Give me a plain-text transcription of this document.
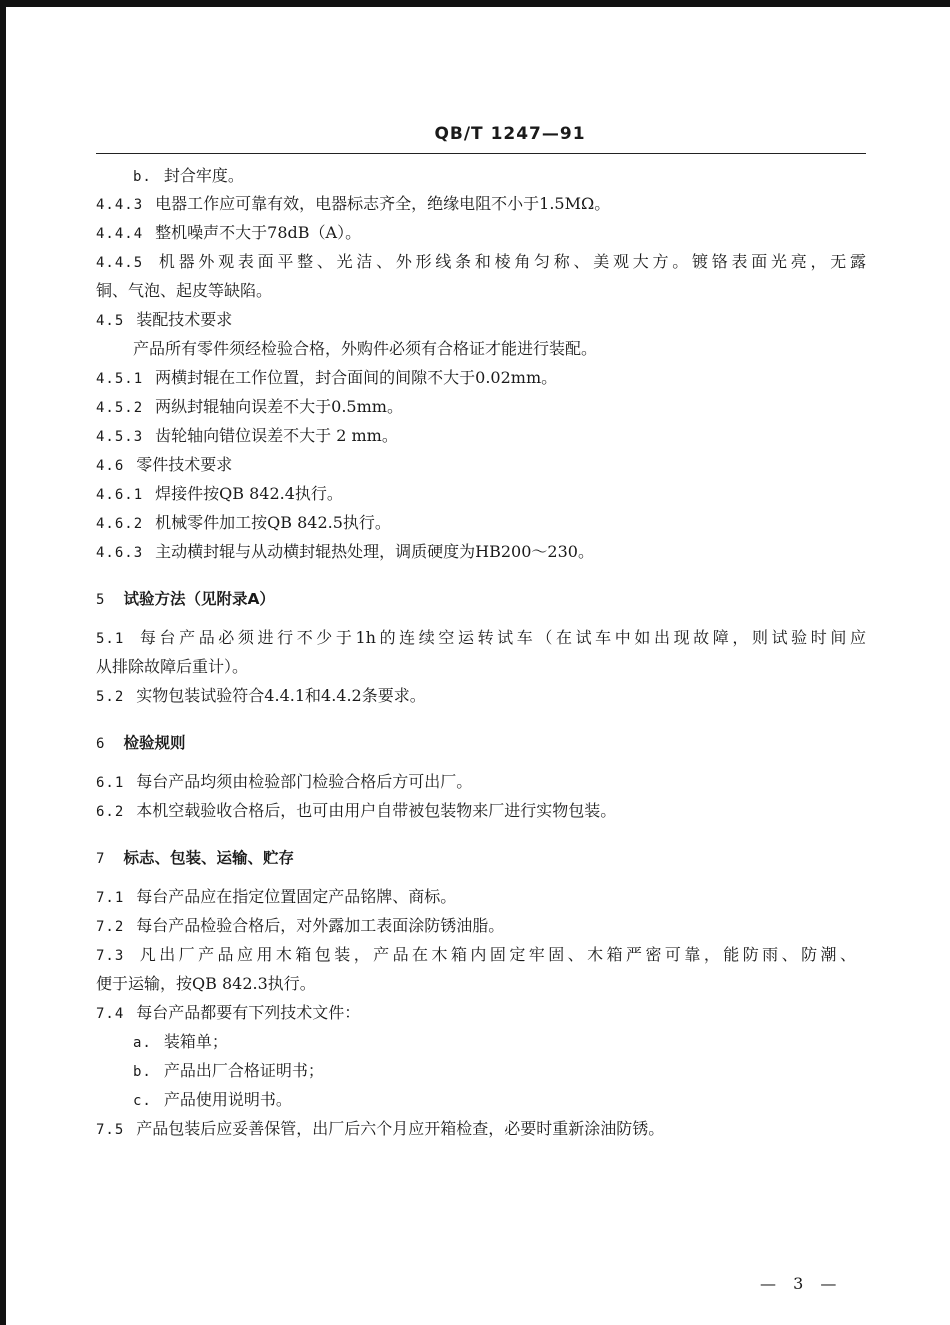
QB/T 1247—91
b. 封合牢度。
4.4.3 电器工作应可靠有效，电器标志齐全，绝缘电阻不小于1.5MΩ。
4.4.4 整机噪声不大于78dB（A）。
4.4.5 机器外观表面平整、光洁、外形线条和棱角匀称、美观大方。镀铬表面光亮，无露
铜、气泡、起皮等缺陷。
4.5 装配技术要求
产品所有零件须经检验合格，外购件必须有合格证才能进行装配。
4.5.1 两横封辊在工作位置，封合面间的间隙不大于0.02mm。
4.5.2 两纵封辊轴向误差不大于0.5mm。
4.5.3 齿轮轴向错位误差不大于 2 mm。
4.6 零件技术要求
4.6.1 焊接件按QB 842.4执行。
4.6.2 机械零件加工按QB 842.5执行。
4.6.3 主动横封辊与从动横封辊热处理，调质硬度为HB200～230。
5 试验方法（见附录A）
5.1 每台产品必须进行不少于1h的连续空运转试车（在试车中如出现故障，则试验时间应
从排除故障后重计）。
5.2 实物包装试验符合4.4.1和4.4.2条要求。
6 检验规则
6.1 每台产品均须由检验部门检验合格后方可出厂。
6.2 本机空载验收合格后，也可由用户自带被包装物来厂进行实物包装。
7 标志、包装、运输、贮存
7.1 每台产品应在指定位置固定产品铭牌、商标。
7.2 每台产品检验合格后，对外露加工表面涂防锈油脂。
7.3 凡出厂产品应用木箱包装，产品在木箱内固定牢固、木箱严密可靠，能防雨、防潮、
便于运输，按QB 842.3执行。
7.4 每台产品都要有下列技术文件：
a. 装箱单；
b. 产品出厂合格证明书；
c. 产品使用说明书。
7.5 产品包装后应妥善保管，出厂后六个月应开箱检查，必要时重新涂油防锈。
— 3 —
